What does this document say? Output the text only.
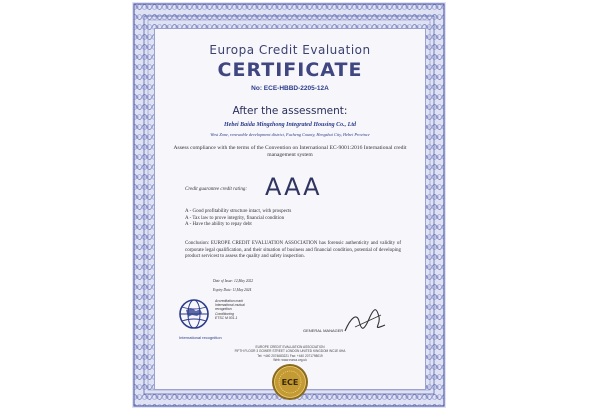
Europa Credit Evaluation
CERTIFICATE
No: ECE-HBBD-2205-12A
After the assessment:
Hebei Baida Mingzhong Integrated Housing Co., Ltd
West Zone, renewable development district, Fucheng County, Hengshui City, Hebei Province
Assess compliance with the terms of the Convention on International EC-9001:2016 International credit management system
Credit guarantee credit rating: AAA
A - Good profitability structure intact, with prospects
A - Tax law to prove integrity, financial condition
A - Have the ability to repay debt
Conclusion: EUROPE CREDIT EVALUATION ASSOCIATION has forensic authenticity and validity of corporate legal qualification, and their situation of business and financial condition, potential of developing product servicest to assess the quality and safety inspection.
Date of Issue: 12,May 2022
Expiry Date: 11,May 2024
Accreditation mark
International mutual
recognition
Conditioning
ETSC M 001-1
International recognition
GENERAL MANAGER
EUROPE CREDIT EVALUATION ASSOCIATION
FIFTH FLOOR 3 GOWER STREET LONDON UNITED KINGDOM WC1E 6HA
Tel: +440 2074683221 Fax: +440 2071798019
Web: www.eurca.org.uk
ECE
